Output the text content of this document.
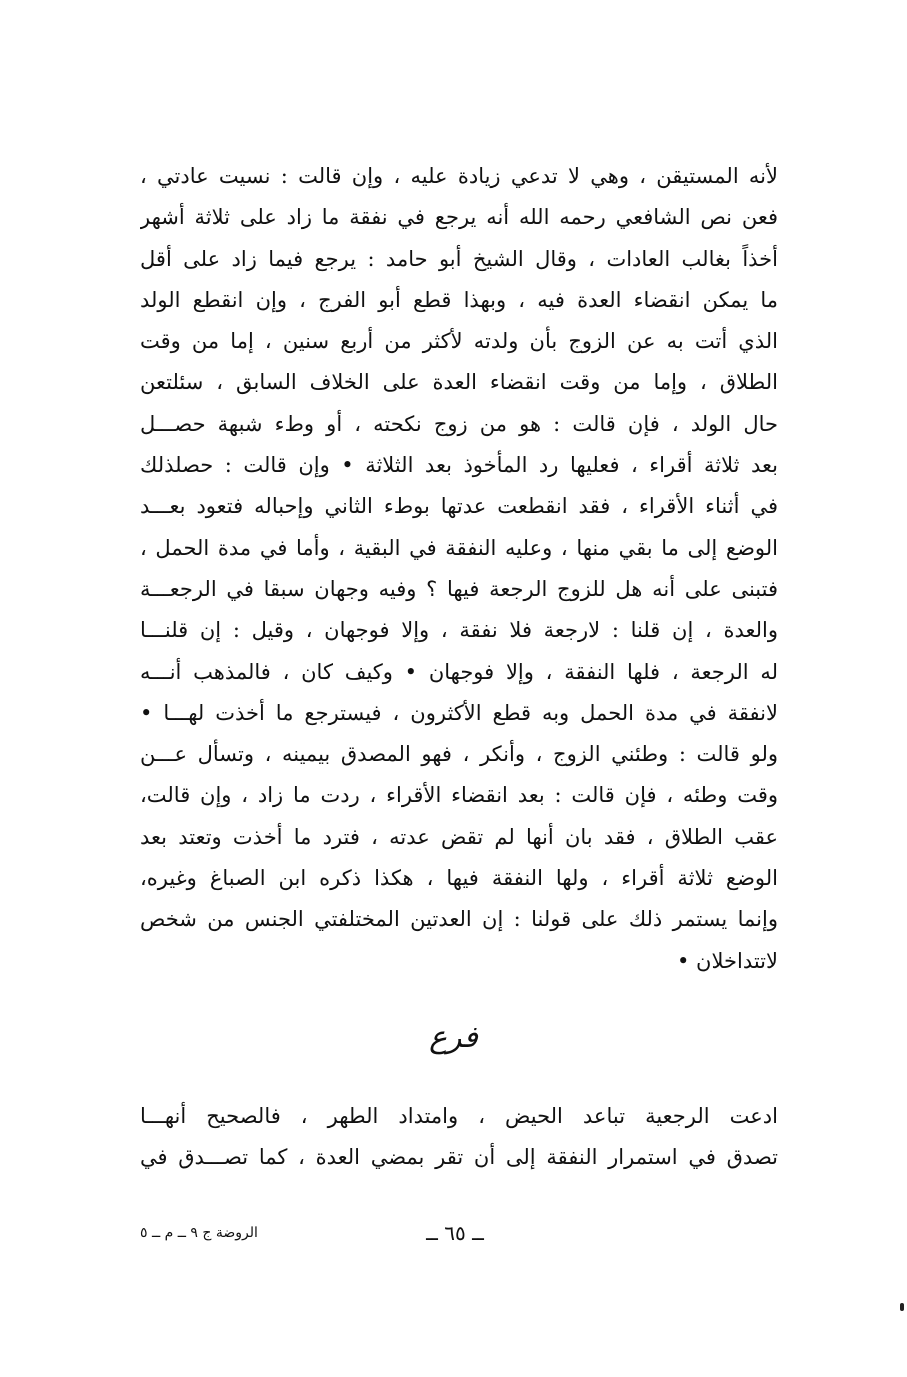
لأنه المستيقن ، وهي لا تدعي زيادة عليه ، وإن قالت : نسيت عادتي ،
فعن نص الشافعي رحمه الله أنه يرجع في نفقة ما زاد على ثلاثة أشهر
أخذاً بغالب العادات ، وقال الشيخ أبو حامد : يرجع فيما زاد على أقل
ما يمكن انقضاء العدة فيه ، وبهذا قطع أبو الفرج ، وإن انقطع الولد
الذي أتت به عن الزوج بأن ولدته لأكثر من أربع سنين ، إما من وقت
الطلاق ، وإما من وقت انقضاء العدة على الخلاف السابق ، سئلتعن
حال الولد ، فإن قالت : هو من زوج نكحته ، أو وطء شبهة حصـــل
بعد ثلاثة أقراء ، فعليها رد المأخوذ بعد الثلاثة • وإن قالت : حصلذلك
في أثناء الأقراء ، فقد انقطعت عدتها بوطء الثاني وإحباله فتعود بعـــد
الوضع إلى ما بقي منها ، وعليه النفقة في البقية ، وأما في مدة الحمل ،
فتبنى على أنه هل للزوج الرجعة فيها ؟ وفيه وجهان سبقا في الرجعـــة
والعدة ، إن قلنا : لارجعة فلا نفقة ، وإلا فوجهان ، وقيل : إن قلنـــا
له الرجعة ، فلها النفقة ، وإلا فوجهان • وكيف كان ، فالمذهب أنـــه
لانفقة في مدة الحمل وبه قطع الأكثرون ، فيسترجع ما أخذت لهـــا •
ولو قالت : وطئني الزوج ، وأنكر ، فهو المصدق بيمينه ، وتسأل عـــن
وقت وطئه ، فإن قالت : بعد انقضاء الأقراء ، ردت ما زاد ، وإن قالت،
عقب الطلاق ، فقد بان أنها لم تقض عدته ، فترد ما أخذت وتعتد بعد
الوضع ثلاثة أقراء ، ولها النفقة فيها ، هكذا ذكره ابن الصباغ وغيره،
وإنما يستمر ذلك على قولنا : إن العدتين المختلفتي الجنس من شخص
لاتتداخلان •
فرع
ادعت الرجعية تباعد الحيض ، وامتداد الطهر ، فالصحيح أنهـــا
تصدق في استمرار النفقة إلى أن تقر بمضي العدة ، كما تصـــدق في
ــ ٦٥ ــ
الروضة ج ٩ ــ م ــ ٥
